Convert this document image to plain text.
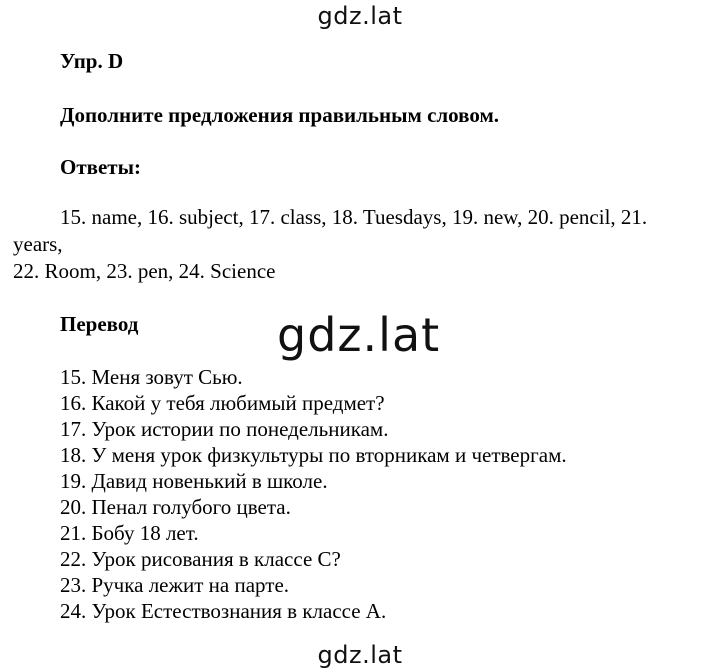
gdz.lat
Упр. D
Дополните предложения правильным словом.
Ответы:
15. name, 16. subject, 17. class, 18. Tuesdays, 19. new, 20. pencil, 21.
years,
22. Room, 23. pen, 24. Science
Перевод	gdz.lat
15. Меня зовут Сью.
16. Какой у тебя любимый предмет?
17. Урок истории по понедельникам.
18. У меня урок физкультуры по вторникам и четвергам.
19. Давид новенький в школе.
20. Пенал голубого цвета.
21. Бобу 18 лет.
22. Урок рисования в классе С?
23. Ручка лежит на парте.
24. Урок Естествознания в классе А.
gdz.lat
